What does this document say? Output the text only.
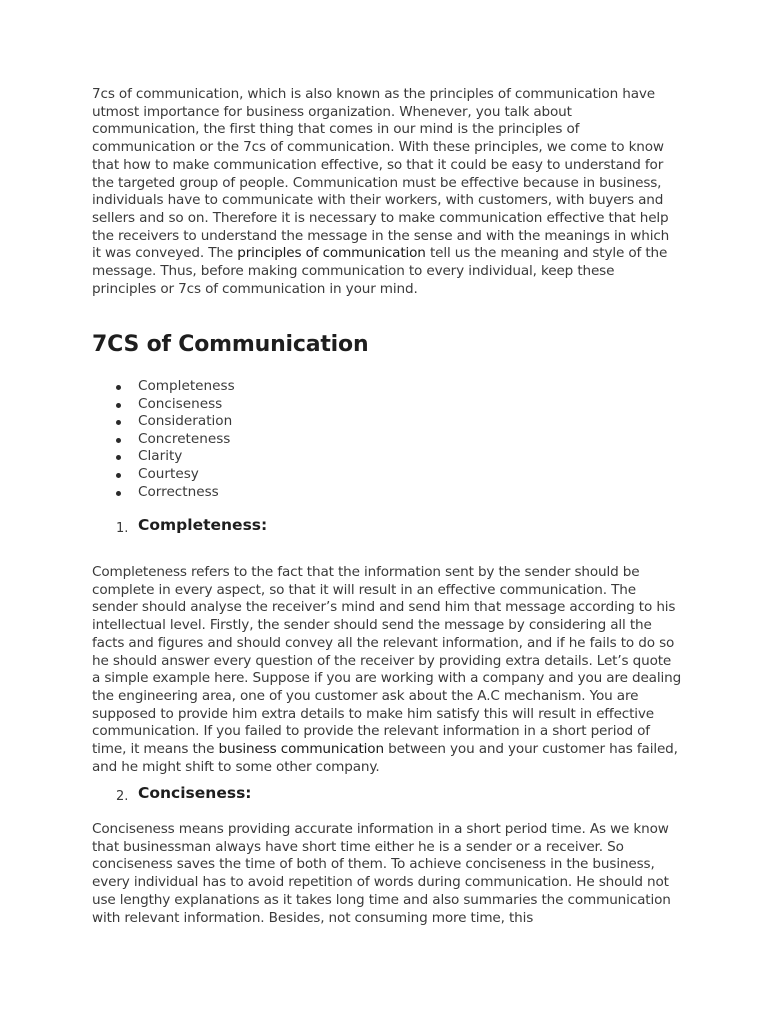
7cs of communication, which is also known as the principles of communication have utmost importance for business organization. Whenever, you talk about communication, the first thing that comes in our mind is the principles of communication or the 7cs of communication. With these principles, we come to know that how to make communication effective, so that it could be easy to understand for the targeted group of people. Communication must be effective because in business, individuals have to communicate with their workers, with customers, with buyers and sellers and so on. Therefore it is necessary to make communication effective that help the receivers to understand the message in the sense and with the meanings in which it was conveyed. The principles of communication tell us the meaning and style of the message. Thus, before making communication to every individual, keep these principles or 7cs of communication in your mind.

7CS of Communication
Completeness
Conciseness
Consideration
Concreteness
Clarity
Courtesy
Correctness
1. Completeness:

Completeness refers to the fact that the information sent by the sender should be complete in every aspect, so that it will result in an effective communication. The sender should analyse the receiver’s mind and send him that message according to his intellectual level. Firstly, the sender should send the message by considering all the facts and figures and should convey all the relevant information, and if he fails to do so he should answer every question of the receiver by providing extra details. Let’s quote a simple example here. Suppose if you are working with a company and you are dealing the engineering area, one of you customer ask about the A.C mechanism. You are supposed to provide him extra details to make him satisfy this will result in effective communication. If you failed to provide the relevant information in a short period of time, it means the business communication between you and your customer has failed, and he might shift to some other company.

2. Conciseness:

Conciseness means providing accurate information in a short period time. As we know that businessman always have short time either he is a sender or a receiver. So conciseness saves the time of both of them. To achieve conciseness in the business, every individual has to avoid repetition of words during communication. He should not use lengthy explanations as it takes long time and also summaries the communication with relevant information. Besides, not consuming more time, this
